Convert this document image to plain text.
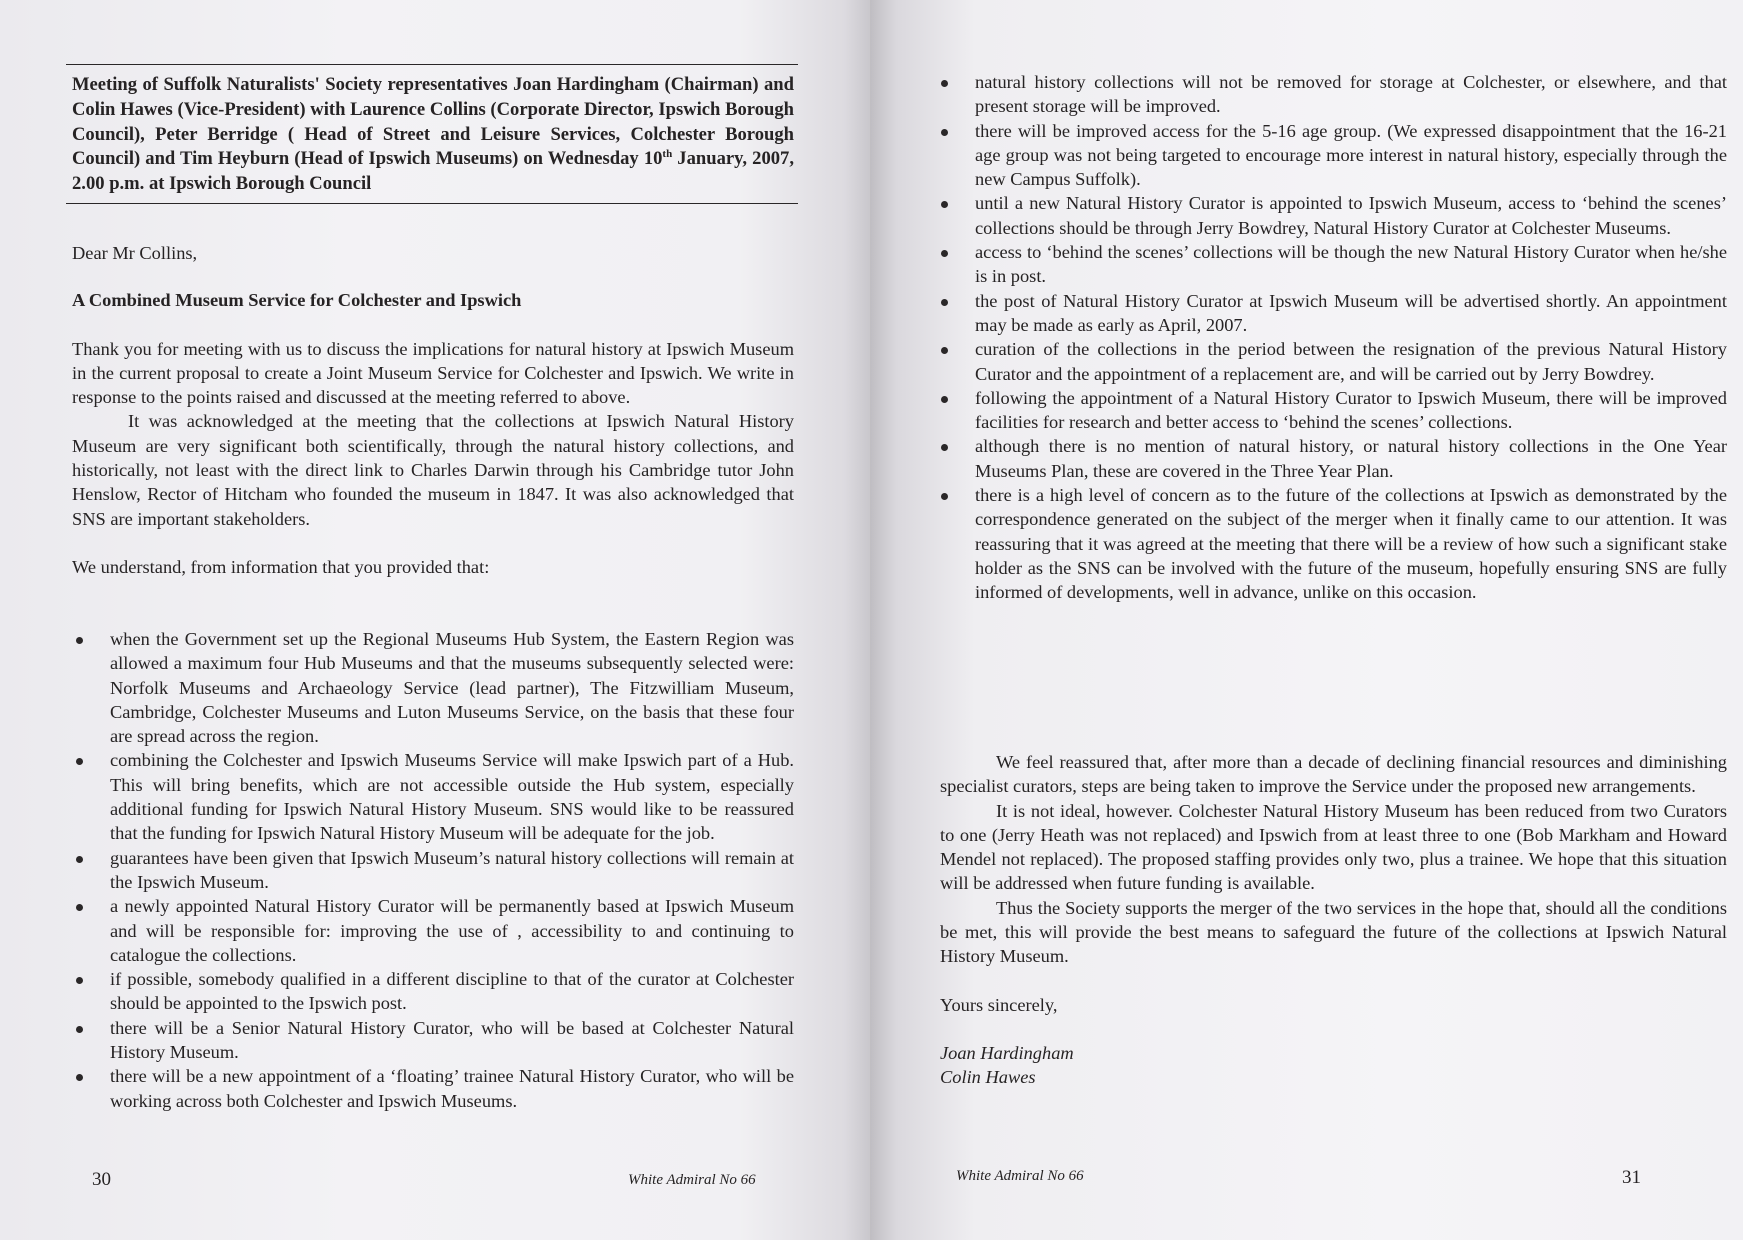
Meeting of Suffolk Naturalists' Society representatives Joan Hardingham (Chairman) and Colin Hawes (Vice-President) with Laurence Collins (Corporate Director, Ipswich Borough Council), Peter Berridge ( Head of Street and Leisure Services, Colchester Borough Council) and Tim Heyburn (Head of Ipswich Museums) on Wednesday 10th January, 2007, 2.00 p.m. at Ipswich Borough Council

Dear Mr Collins,

A Combined Museum Service for Colchester and Ipswich

Thank you for meeting with us to discuss the implications for natural history at Ipswich Museum in the current proposal to create a Joint Museum Service for Colchester and Ipswich. We write in response to the points raised and discussed at the meeting referred to above.

It was acknowledged at the meeting that the collections at Ipswich Natural History Museum are very significant both scientifically, through the natural history collections, and historically, not least with the direct link to Charles Darwin through his Cambridge tutor John Henslow, Rector of Hitcham who founded the museum in 1847. It was also acknowledged that SNS are important stakeholders.

We understand, from information that you provided that:

when the Government set up the Regional Museums Hub System, the Eastern Region was allowed a maximum four Hub Museums and that the museums subsequently selected were: Norfolk Museums and Archaeology Service (lead partner), The Fitzwilliam Museum, Cambridge, Colchester Museums and Luton Museums Service, on the basis that these four are spread across the region.
combining the Colchester and Ipswich Museums Service will make Ipswich part of a Hub. This will bring benefits, which are not accessible outside the Hub system, especially additional funding for Ipswich Natural History Museum. SNS would like to be reassured that the funding for Ipswich Natural History Museum will be adequate for the job.
guarantees have been given that Ipswich Museum’s natural history collections will remain at the Ipswich Museum.
a newly appointed Natural History Curator will be permanently based at Ipswich Museum and will be responsible for: improving the use of , accessibility to and continuing to catalogue the collections.
if possible, somebody qualified in a different discipline to that of the curator at Colchester should be appointed to the Ipswich post.
there will be a Senior Natural History Curator, who will be based at Colchester Natural History Museum.
there will be a new appointment of a ‘floating’ trainee Natural History Curator, who will be working across both Colchester and Ipswich Museums.
30	White Admiral No 66
natural history collections will not be removed for storage at Colchester, or elsewhere, and that present storage will be improved.
there will be improved access for the 5-16 age group. (We expressed disappointment that the 16-21 age group was not being targeted to encourage more interest in natural history, especially through the new Campus Suffolk).
until a new Natural History Curator is appointed to Ipswich Museum, access to ‘behind the scenes’ collections should be through Jerry Bowdrey, Natural History Curator at Colchester Museums.
access to ‘behind the scenes’ collections will be though the new Natural History Curator when he/she is in post.
the post of Natural History Curator at Ipswich Museum will be advertised shortly. An appointment may be made as early as April, 2007.
curation of the collections in the period between the resignation of the previous Natural History Curator and the appointment of a replacement are, and will be carried out by Jerry Bowdrey.
following the appointment of a Natural History Curator to Ipswich Museum, there will be improved facilities for research and better access to ‘behind the scenes’ collections.
although there is no mention of natural history, or natural history collections in the One Year Museums Plan, these are covered in the Three Year Plan.
there is a high level of concern as to the future of the collections at Ipswich as demonstrated by the correspondence generated on the subject of the merger when it finally came to our attention. It was reassuring that it was agreed at the meeting that there will be a review of how such a significant stake holder as the SNS can be involved with the future of the museum, hopefully ensuring SNS are fully informed of developments, well in advance, unlike on this occasion.

We feel reassured that, after more than a decade of declining financial resources and diminishing specialist curators, steps are being taken to improve the Service under the proposed new arrangements.

It is not ideal, however. Colchester Natural History Museum has been reduced from two Curators to one (Jerry Heath was not replaced) and Ipswich from at least three to one (Bob Markham and Howard Mendel not replaced). The proposed staffing provides only two, plus a trainee. We hope that this situation will be addressed when future funding is available.

Thus the Society supports the merger of the two services in the hope that, should all the conditions be met, this will provide the best means to safeguard the future of the collections at Ipswich Natural History Museum.

Yours sincerely,

Joan Hardingham

Colin Hawes

White Admiral No 66	31
